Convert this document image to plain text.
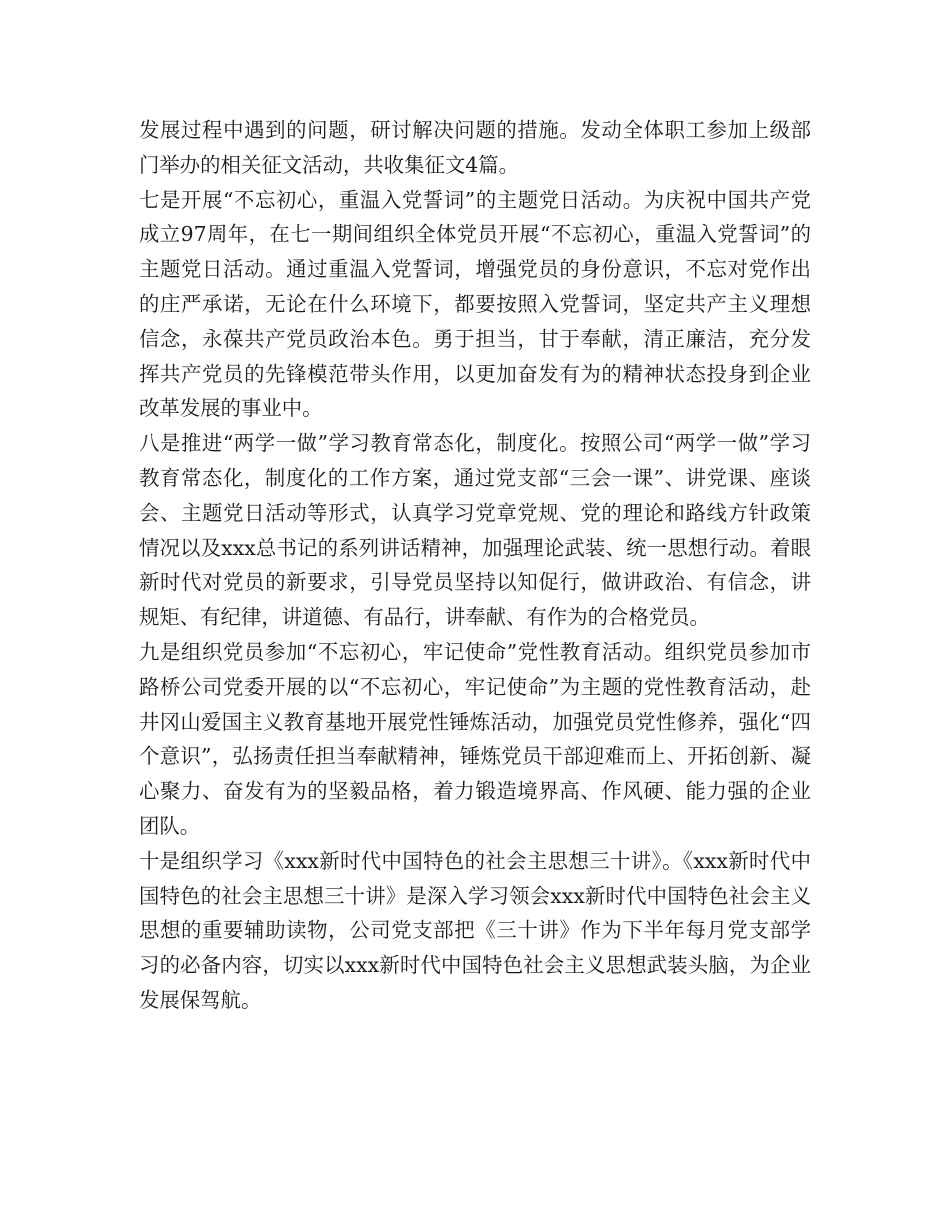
发展过程中遇到的问题，研讨解决问题的措施。发动全体职工参加上级部门举办的相关征文活动，共收集征文4篇。

七是开展“不忘初心，重温入党誓词”的主题党日活动。为庆祝中国共产党成立97周年，在七一期间组织全体党员开展“不忘初心，重温入党誓词”的主题党日活动。通过重温入党誓词，增强党员的身份意识，不忘对党作出的庄严承诺，无论在什么环境下，都要按照入党誓词，坚定共产主义理想信念，永葆共产党员政治本色。勇于担当，甘于奉献，清正廉洁，充分发挥共产党员的先锋模范带头作用，以更加奋发有为的精神状态投身到企业改革发展的事业中。

八是推进“两学一做”学习教育常态化，制度化。按照公司“两学一做”学习教育常态化，制度化的工作方案，通过党支部“三会一课”、讲党课、座谈会、主题党日活动等形式，认真学习党章党规、党的理论和路线方针政策情况以及xxx总书记的系列讲话精神，加强理论武装、统一思想行动。着眼新时代对党员的新要求，引导党员坚持以知促行，做讲政治、有信念，讲规矩、有纪律，讲道德、有品行，讲奉献、有作为的合格党员。

九是组织党员参加“不忘初心，牢记使命”党性教育活动。组织党员参加市路桥公司党委开展的以“不忘初心，牢记使命”为主题的党性教育活动，赴井冈山爱国主义教育基地开展党性锤炼活动，加强党员党性修养，强化“四个意识”，弘扬责任担当奉献精神，锤炼党员干部迎难而上、开拓创新、凝心聚力、奋发有为的坚毅品格，着力锻造境界高、作风硬、能力强的企业团队。

十是组织学习《xxx新时代中国特色的社会主思想三十讲》。《xxx新时代中国特色的社会主思想三十讲》是深入学习领会xxx新时代中国特色社会主义思想的重要辅助读物，公司党支部把《三十讲》作为下半年每月党支部学习的必备内容，切实以xxx新时代中国特色社会主义思想武装头脑，为企业发展保驾航。
